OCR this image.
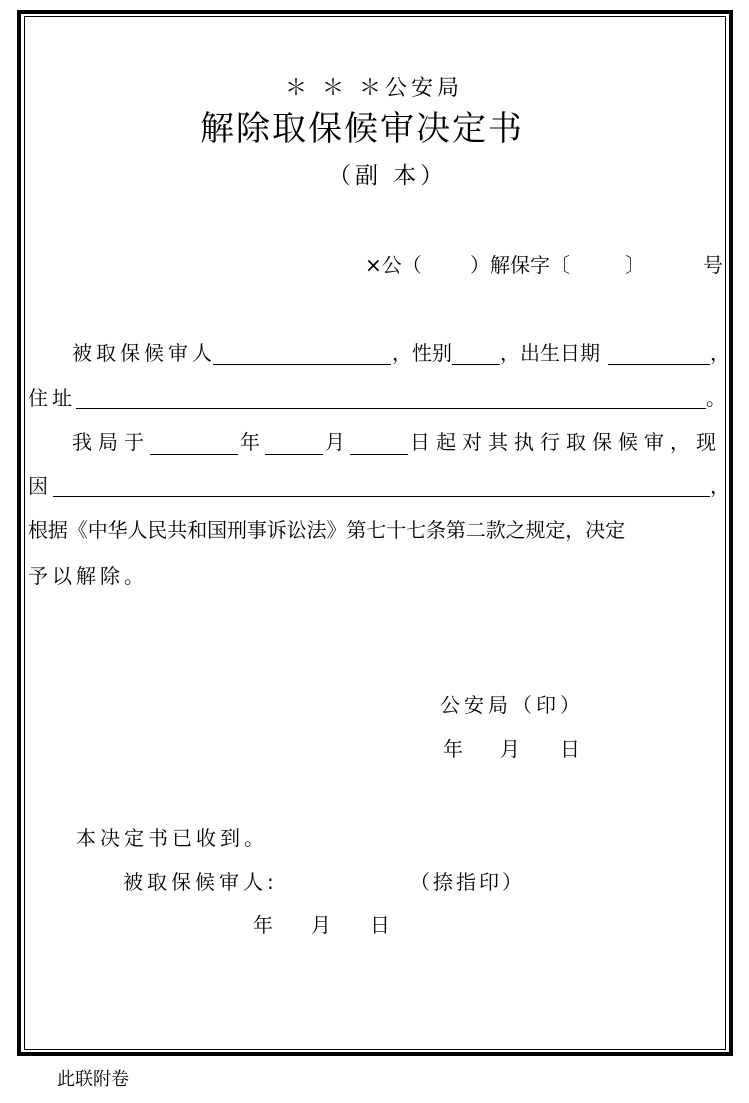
＊ ＊ ＊公安局
解除取保候审决定书
（副 本）
×公（ ）解保字〔	〕	号
被取保候审人	，性别 ，出生日期	，
住址	。
我局于	年	月	日起对其执行取保候审，现
因	，
根据《中华人民共和国刑事诉讼法》第七十七条第二款之规定，决定
予以解除。
公安局（印）
年 月 日
本决定书已收到。
被取保候审人:	（捺指印）
年 月 日
此联附卷
